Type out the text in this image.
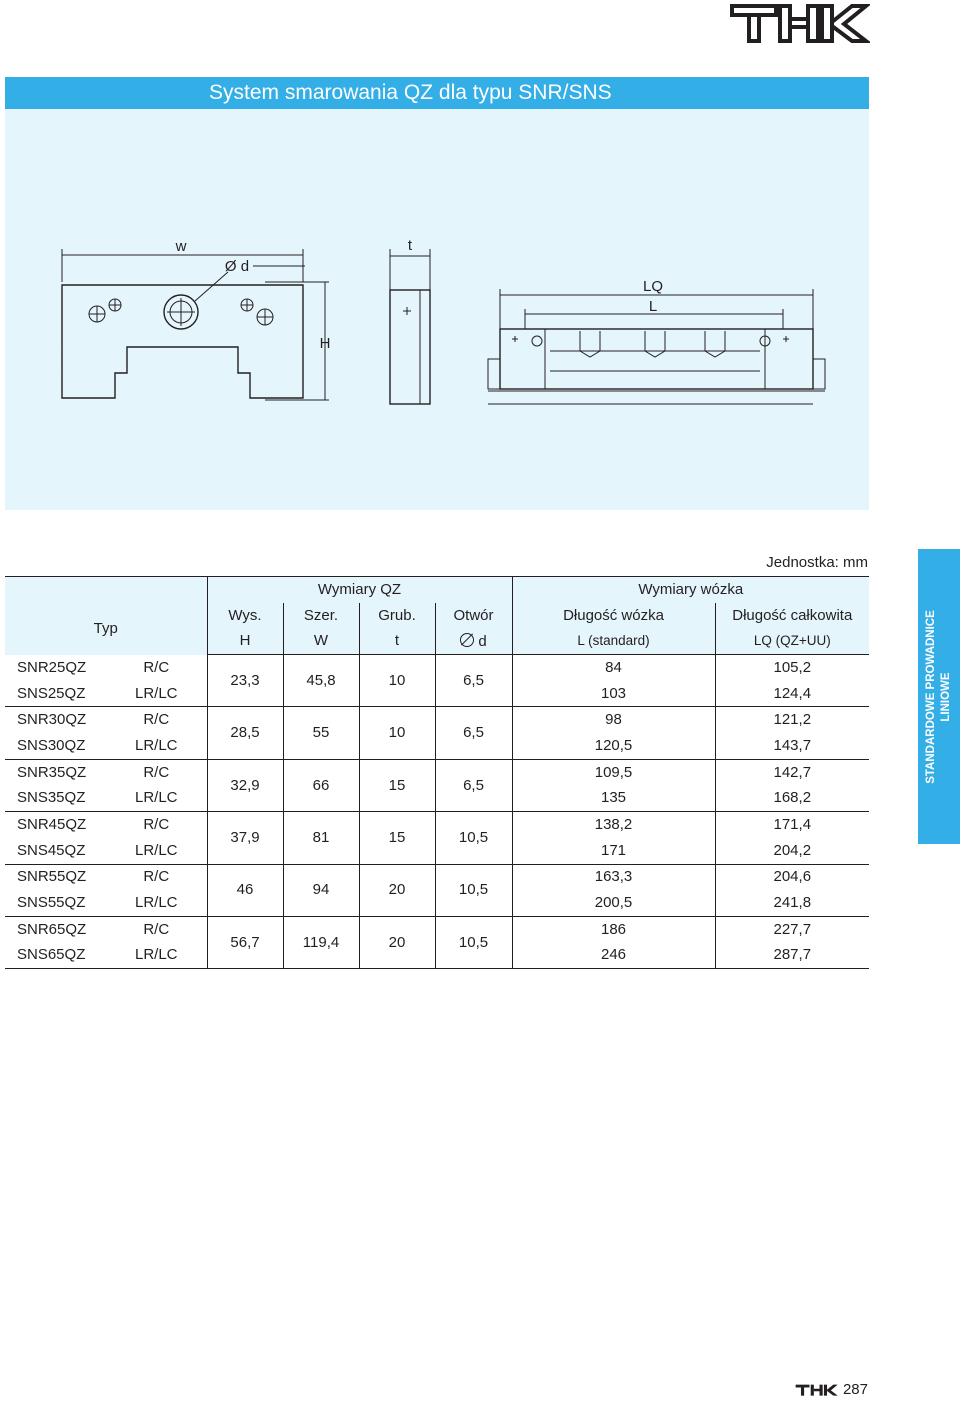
System smarowania QZ dla typu SNR/SNS
w
Ø d
H
t
LQ
L
Jednostka: mm
		Wymiary QZ				Wymiary wózka	
Typ		Wys.	Szer.	Grub.	Otwór	Długość wózka	Długość całkowita
		H	W	t	d	L (standard)	LQ (QZ+UU)
SNR25QZ	R/C	23,3	45,8	10	6,5	84	105,2
SNS25QZ	LR/LC					103	124,4
SNR30QZ	R/C	28,5	55	10	6,5	98	121,2
SNS30QZ	LR/LC					120,5	143,7
SNR35QZ	R/C	32,9	66	15	6,5	109,5	142,7
SNS35QZ	LR/LC					135	168,2
SNR45QZ	R/C	37,9	81	15	10,5	138,2	171,4
SNS45QZ	LR/LC					171	204,2
SNR55QZ	R/C	46	94	20	10,5	163,3	204,6
SNS55QZ	LR/LC					200,5	241,8
SNR65QZ	R/C	56,7	119,4	20	10,5	186	227,7
SNS65QZ	LR/LC					246	287,7
STANDARDOWE PROWADNICE LINIOWE
287
